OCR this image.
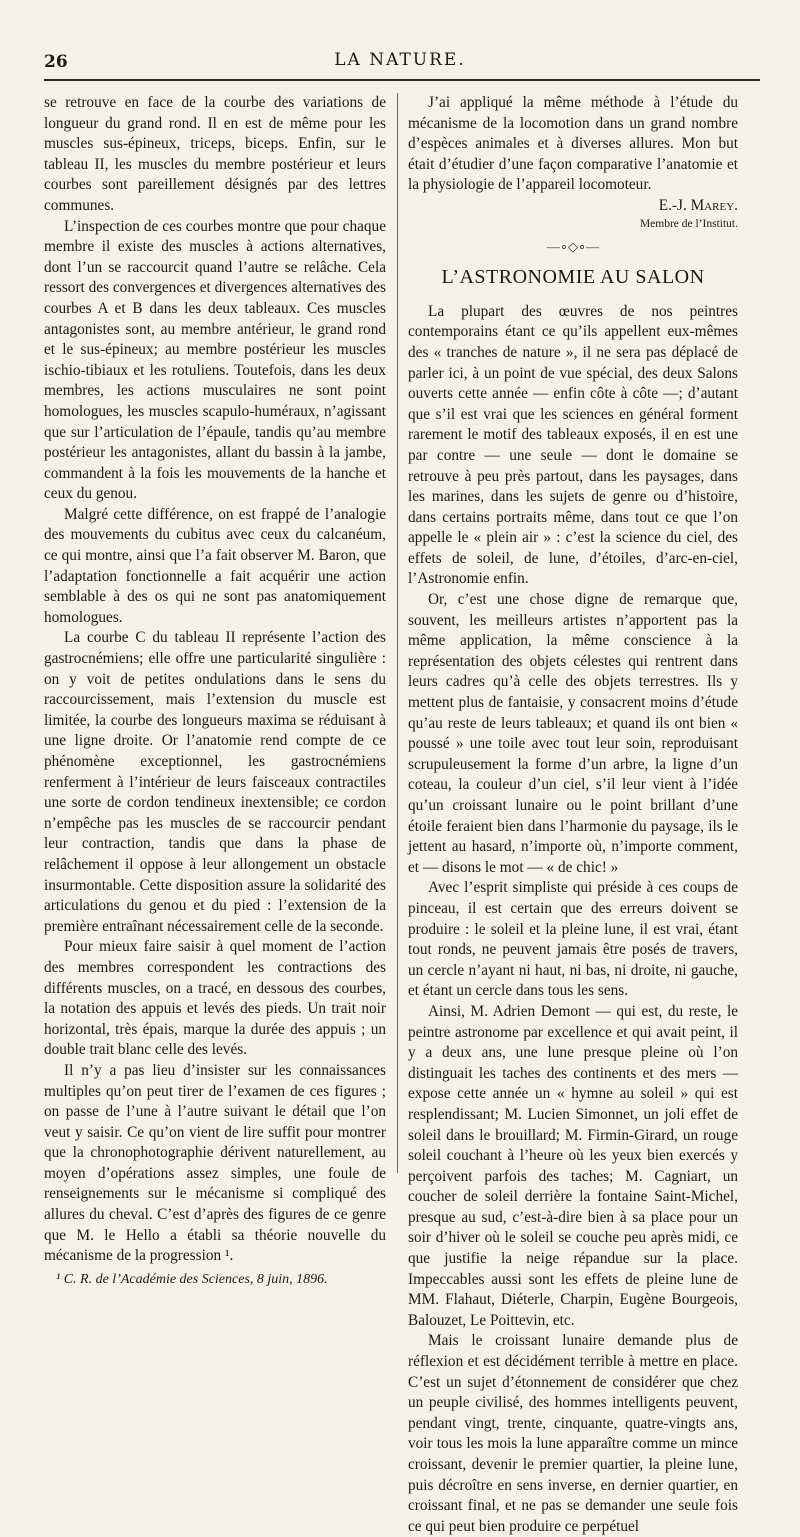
26	LA NATURE.

se retrouve en face de la courbe des variations de longueur du grand rond. Il en est de même pour les muscles sus-épineux, triceps, biceps. Enfin, sur le tableau II, les muscles du membre postérieur et leurs courbes sont pareillement désignés par des lettres communes.

L’inspection de ces courbes montre que pour chaque membre il existe des muscles à actions alternatives, dont l’un se raccourcit quand l’autre se relâche. Cela ressort des convergences et divergences alternatives des courbes A et B dans les deux tableaux. Ces muscles antagonistes sont, au membre antérieur, le grand rond et le sus-épineux; au membre postérieur les muscles ischio-tibiaux et les rotuliens. Toutefois, dans les deux membres, les actions musculaires ne sont point homologues, les muscles scapulo-huméraux, n’agissant que sur l’articulation de l’épaule, tandis qu’au membre postérieur les antagonistes, allant du bassin à la jambe, commandent à la fois les mouvements de la hanche et ceux du genou.

Malgré cette différence, on est frappé de l’analogie des mouvements du cubitus avec ceux du calcanéum, ce qui montre, ainsi que l’a fait observer M. Baron, que l’adaptation fonctionnelle a fait acquérir une action semblable à des os qui ne sont pas anatomiquement homologues.

La courbe C du tableau II représente l’action des gastrocnémiens; elle offre une particularité singulière : on y voit de petites ondulations dans le sens du raccourcissement, mais l’extension du muscle est limitée, la courbe des longueurs maxima se réduisant à une ligne droite. Or l’anatomie rend compte de ce phénomène exceptionnel, les gastrocnémiens renferment à l’intérieur de leurs faisceaux contractiles une sorte de cordon tendineux inextensible; ce cordon n’empêche pas les muscles de se raccourcir pendant leur contraction, tandis que dans la phase de relâchement il oppose à leur allongement un obstacle insurmontable. Cette disposition assure la solidarité des articulations du genou et du pied : l’extension de la première entraînant nécessairement celle de la seconde.

Pour mieux faire saisir à quel moment de l’action des membres correspondent les contractions des différents muscles, on a tracé, en dessous des courbes, la notation des appuis et levés des pieds. Un trait noir horizontal, très épais, marque la durée des appuis ; un double trait blanc celle des levés.

Il n’y a pas lieu d’insister sur les connaissances multiples qu’on peut tirer de l’examen de ces figures ; on passe de l’une à l’autre suivant le détail que l’on veut y saisir. Ce qu’on vient de lire suffit pour montrer que la chronophotographie dérivent naturellement, au moyen d’opérations assez simples, une foule de renseignements sur le mécanisme si compliqué des allures du cheval. C’est d’après des figures de ce genre que M. le Hello a établi sa théorie nouvelle du mécanisme de la progression ¹.

¹ C. R. de l’Académie des Sciences, 8 juin, 1896.

J’ai appliqué la même méthode à l’étude du mécanisme de la locomotion dans un grand nombre d’espèces animales et à diverses allures. Mon but était d’étudier d’une façon comparative l’anatomie et la physiologie de l’appareil locomoteur.

E.-J. Marey.

Membre de l’Institut.

—∘◇∘—
L’ASTRONOMIE AU SALON

La plupart des œuvres de nos peintres contemporains étant ce qu’ils appellent eux-mêmes des « tranches de nature », il ne sera pas déplacé de parler ici, à un point de vue spécial, des deux Salons ouverts cette année — enfin côte à côte —; d’autant que s’il est vrai que les sciences en général forment rarement le motif des tableaux exposés, il en est une par contre — une seule — dont le domaine se retrouve à peu près partout, dans les paysages, dans les marines, dans les sujets de genre ou d’histoire, dans certains portraits même, dans tout ce que l’on appelle le « plein air » : c’est la science du ciel, des effets de soleil, de lune, d’étoiles, d’arc-en-ciel, l’Astronomie enfin.

Or, c’est une chose digne de remarque que, souvent, les meilleurs artistes n’apportent pas la même application, la même conscience à la représentation des objets célestes qui rentrent dans leurs cadres qu’à celle des objets terrestres. Ils y mettent plus de fantaisie, y consacrent moins d’étude qu’au reste de leurs tableaux; et quand ils ont bien « poussé » une toile avec tout leur soin, reproduisant scrupuleusement la forme d’un arbre, la ligne d’un coteau, la couleur d’un ciel, s’il leur vient à l’idée qu’un croissant lunaire ou le point brillant d’une étoile feraient bien dans l’harmonie du paysage, ils le jettent au hasard, n’importe où, n’importe comment, et — disons le mot — « de chic! »

Avec l’esprit simpliste qui préside à ces coups de pinceau, il est certain que des erreurs doivent se produire : le soleil et la pleine lune, il est vrai, étant tout ronds, ne peuvent jamais être posés de travers, un cercle n’ayant ni haut, ni bas, ni droite, ni gauche, et étant un cercle dans tous les sens.

Ainsi, M. Adrien Demont — qui est, du reste, le peintre astronome par excellence et qui avait peint, il y a deux ans, une lune presque pleine où l’on distinguait les taches des continents et des mers — expose cette année un « hymne au soleil » qui est resplendissant; M. Lucien Simonnet, un joli effet de soleil dans le brouillard; M. Firmin-Girard, un rouge soleil couchant à l’heure où les yeux bien exercés y perçoivent parfois des taches; M. Cagniart, un coucher de soleil derrière la fontaine Saint-Michel, presque au sud, c’est-à-dire bien à sa place pour un soir d’hiver où le soleil se couche peu après midi, ce que justifie la neige répandue sur la place. Impeccables aussi sont les effets de pleine lune de MM. Flahaut, Diéterle, Charpin, Eugène Bourgeois, Balouzet, Le Poittevin, etc.

Mais le croissant lunaire demande plus de réflexion et est décidément terrible à mettre en place. C’est un sujet d’étonnement de considérer que chez un peuple civilisé, des hommes intelligents peuvent, pendant vingt, trente, cinquante, quatre-vingts ans, voir tous les mois la lune apparaître comme un mince croissant, devenir le premier quartier, la pleine lune, puis décroître en sens inverse, en dernier quartier, en croissant final, et ne pas se demander une seule fois ce qui peut bien produire ce perpétuel
